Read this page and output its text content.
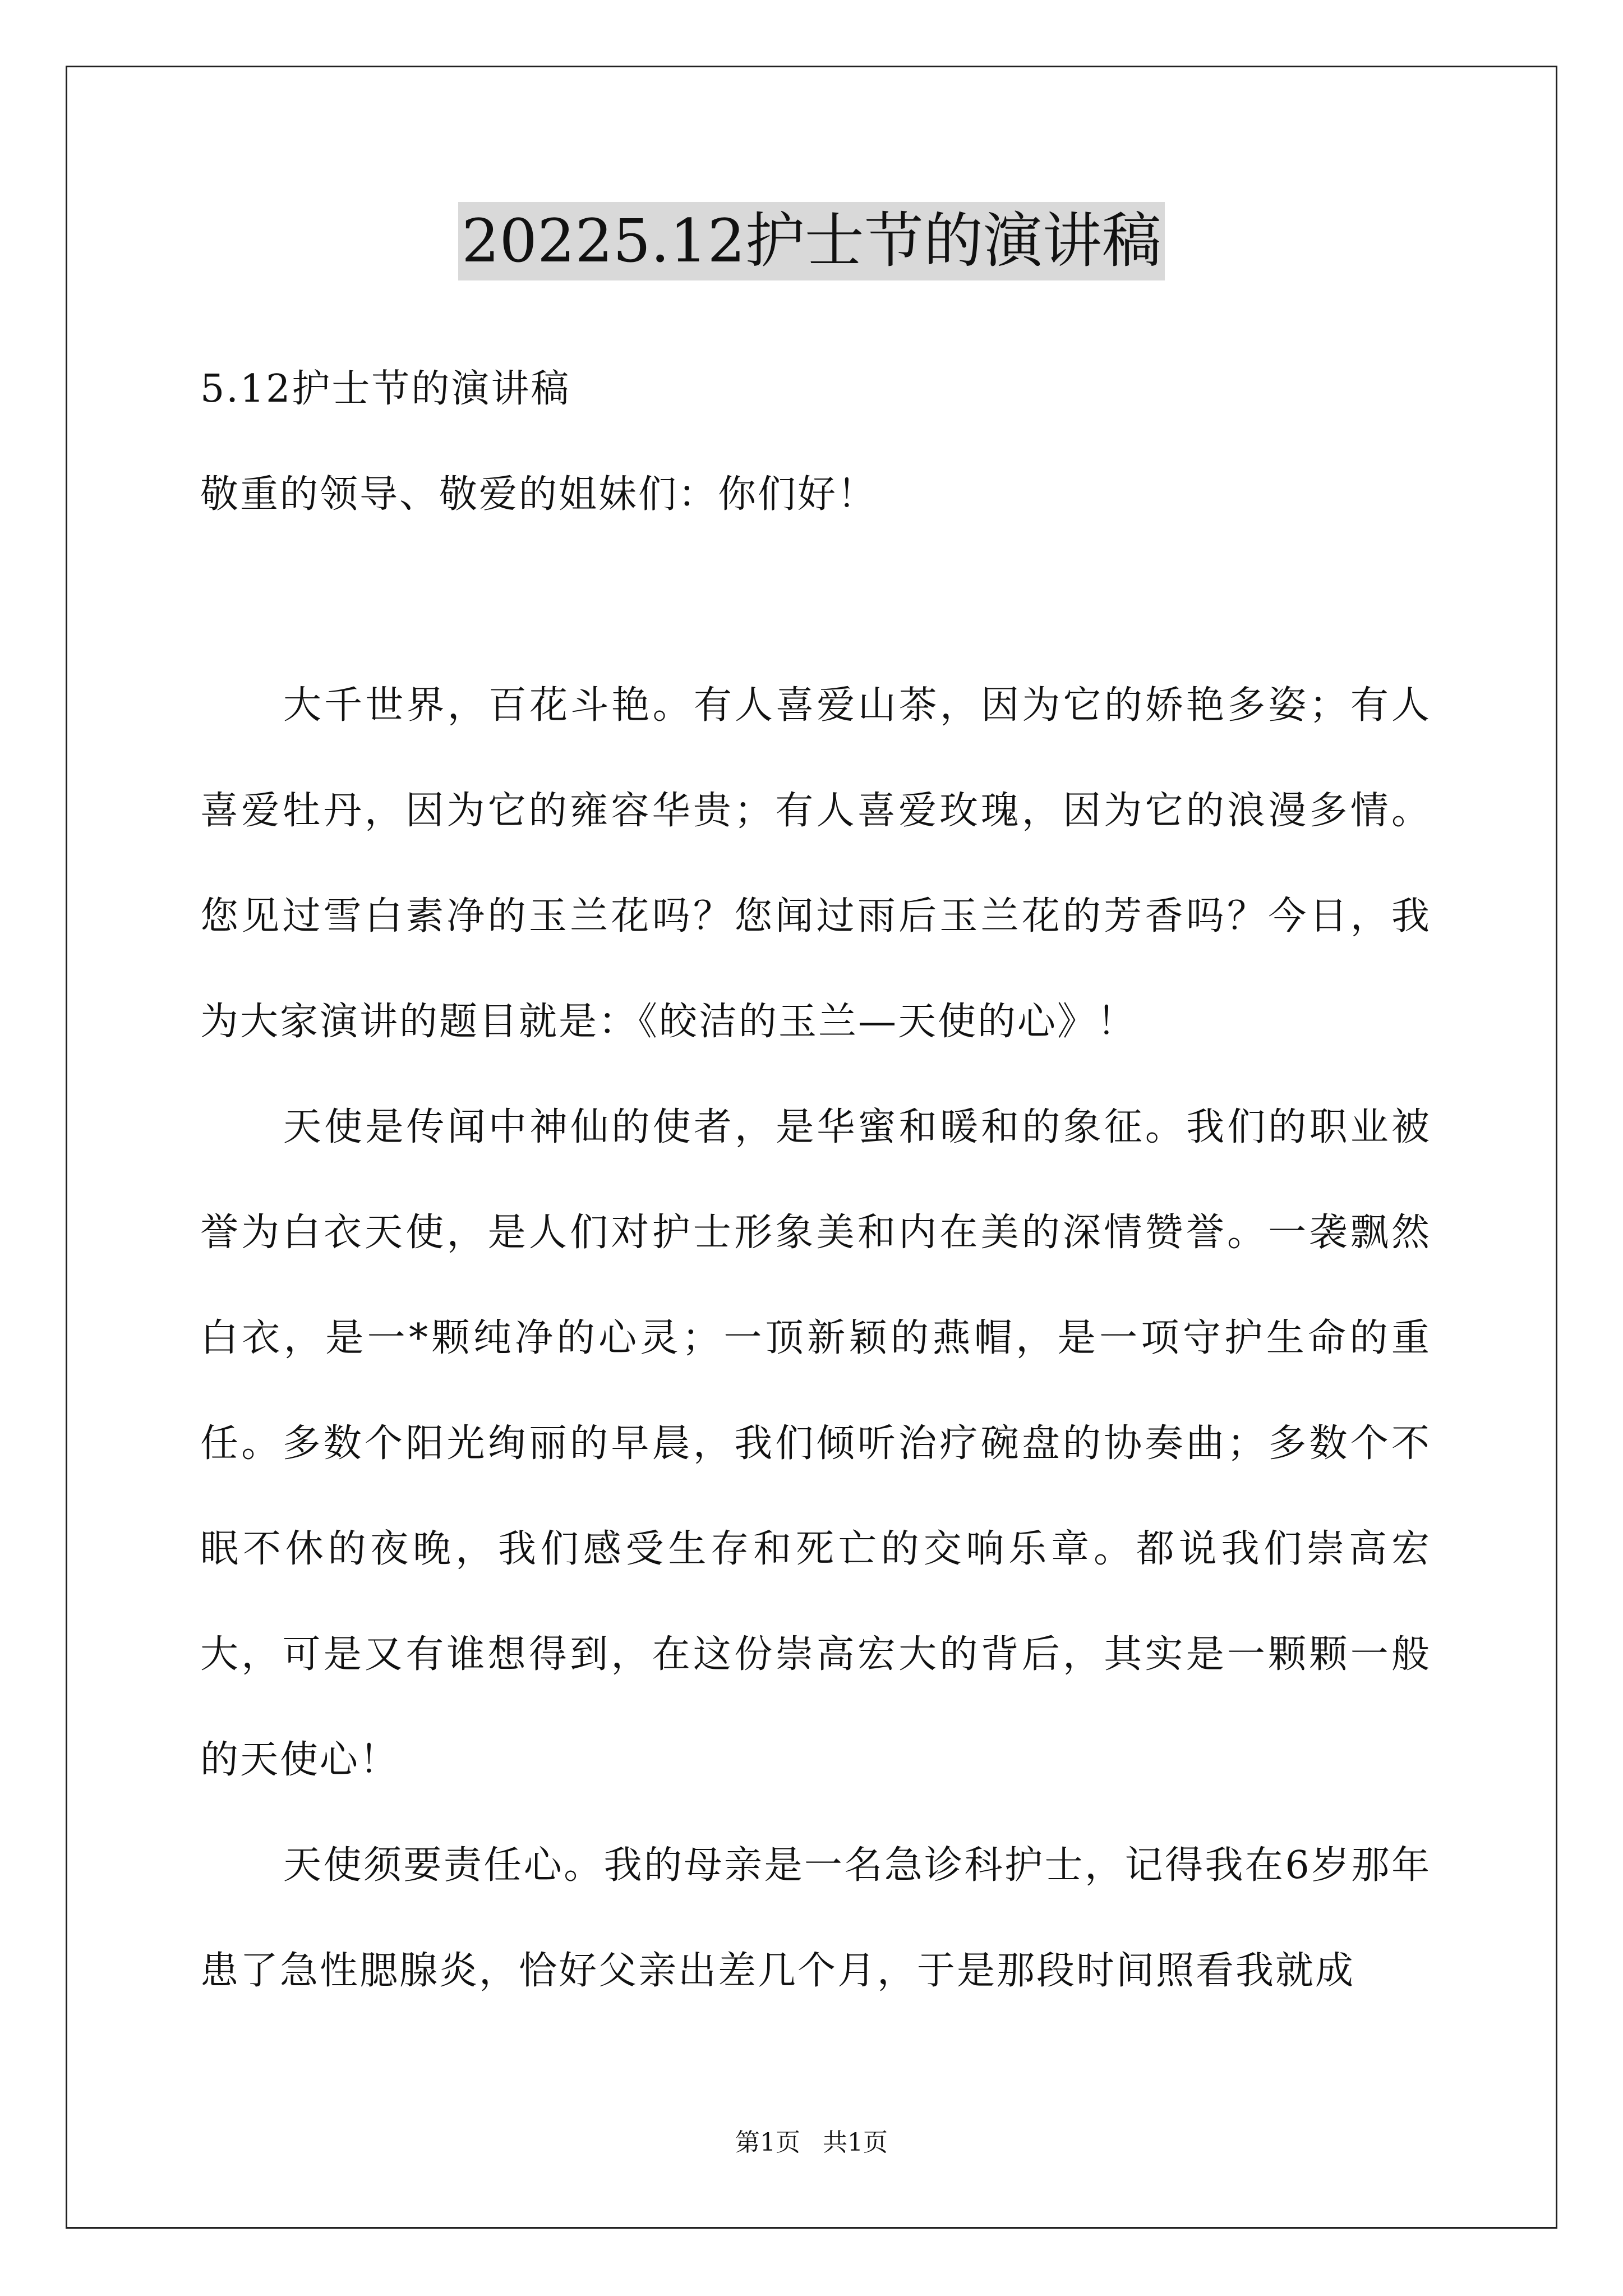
20225.12护士节的演讲稿

5.12护士节的演讲稿

敬重的领导、敬爱的姐妹们：你们好！

大千世界，百花斗艳。有人喜爱山茶，因为它的娇艳多姿；有人喜爱牡丹，因为它的雍容华贵；有人喜爱玫瑰，因为它的浪漫多情。您见过雪白素净的玉兰花吗？您闻过雨后玉兰花的芳香吗？今日，我为大家演讲的题目就是：《皎洁的玉兰—天使的心》！

天使是传闻中神仙的使者，是华蜜和暖和的象征。我们的职业被誉为白衣天使，是人们对护士形象美和内在美的深情赞誉。一袭飘然白衣，是一*颗纯净的心灵；一顶新颖的燕帽，是一项守护生命的重任。多数个阳光绚丽的早晨，我们倾听治疗碗盘的协奏曲；多数个不眠不休的夜晚，我们感受生存和死亡的交响乐章。都说我们崇高宏大，可是又有谁想得到，在这份崇高宏大的背后，其实是一颗颗一般的天使心！

天使须要责任心。我的母亲是一名急诊科护士，记得我在6岁那年患了急性腮腺炎，恰好父亲出差几个月，于是那段时间照看我就成

第1页 共1页
